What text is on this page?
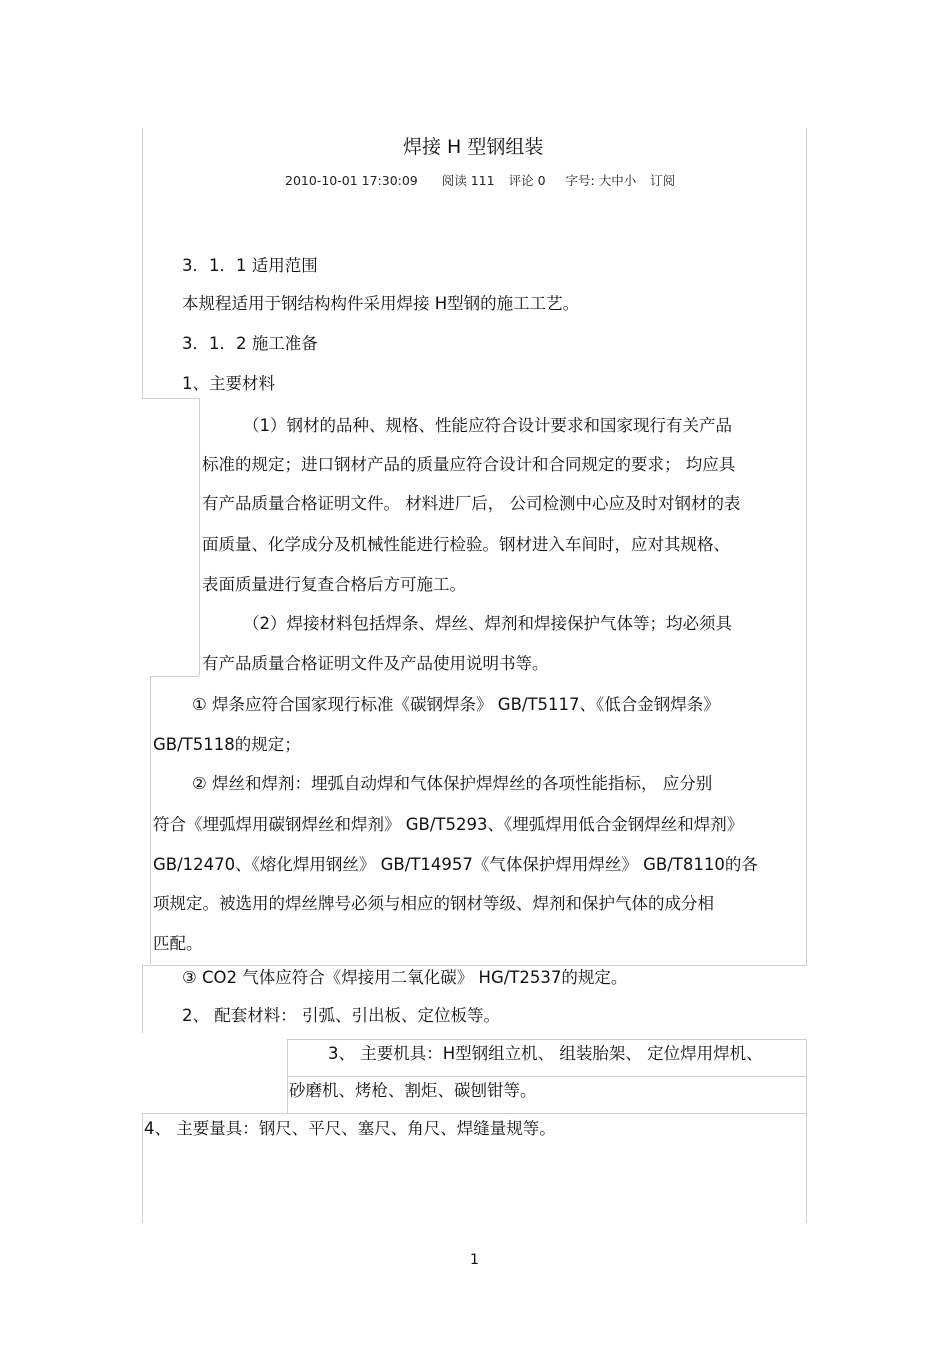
焊接 H 型钢组装
2010-10-01 17:30:09 阅读 111 评论 0 字号: 大中小 订阅
3．1．1 适用范围
本规程适用于钢结构构件采用焊接 H型钢的施工工艺。
3．1．2 施工准备
1、主要材料
（1）钢材的品种、规格、性能应符合设计要求和国家现行有关产品
标准的规定；进口钢材产品的质量应符合设计和合同规定的要求； 均应具
有产品质量合格证明文件。 材料进厂后， 公司检测中心应及时对钢材的表
面质量、化学成分及机械性能进行检验。钢材进入车间时，应对其规格、
表面质量进行复查合格后方可施工。
（2）焊接材料包括焊条、焊丝、焊剂和焊接保护气体等；均必须具
有产品质量合格证明文件及产品使用说明书等。
① 焊条应符合国家现行标准《碳钢焊条》 GB/T5117、《低合金钢焊条》
GB/T5118的规定；
② 焊丝和焊剂：埋弧自动焊和气体保护焊焊丝的各项性能指标， 应分别
符合《埋弧焊用碳钢焊丝和焊剂》 GB/T5293、《埋弧焊用低合金钢焊丝和焊剂》
GB/12470、《熔化焊用钢丝》 GB/T14957《气体保护焊用焊丝》 GB/T8110的各
项规定。被选用的焊丝牌号必须与相应的钢材等级、焊剂和保护气体的成分相
匹配。
③ CO2 气体应符合《焊接用二氧化碳》 HG/T2537的规定。
2、 配套材料： 引弧、引出板、定位板等。
3、 主要机具：H型钢组立机、 组装胎架、 定位焊用焊机、
砂磨机、烤枪、割炬、碳刨钳等。
4、 主要量具：钢尺、平尺、塞尺、角尺、焊缝量规等。
1
